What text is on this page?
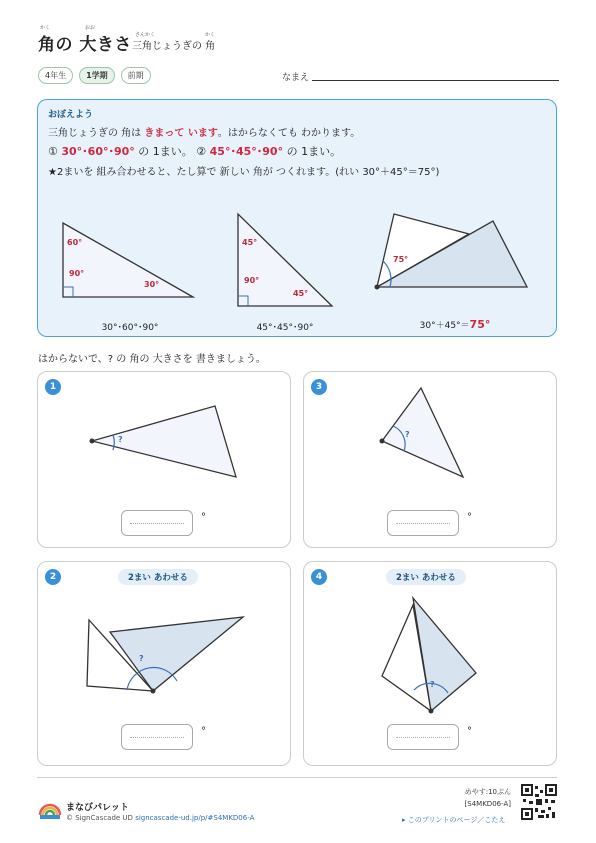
角の 大きさ
かく	おお
三角じょうぎの 角
さんかく	かく
4年生	1学期	前期	なまえ
おぼえよう
三角じょうぎの 角は きまって います。はからなくても わかります。
① 30°･60°･90° の 1まい。 ② 45°･45°･90° の 1まい。
★2まいを 組み合わせると、たし算で 新しい 角が つくれます。(れい 30°＋45°＝75°)
60°
90°
30°
45°
90°
45°
75°
30°･60°･90°	45°･45°･90°	30°＋45°＝75°
はからないで、? の 角の 大きさを 書きましょう。
1
?
°
3
?
°
2	2まい あわせる
?
°
4	2まい あわせる
?
°
まなびパレット
© SignCascade UD signcascade-ud.jp/p/#S4MKD06-A
めやす:10ぷん
[S4MKD06-A]
▸ このプリントのページ／こたえ
